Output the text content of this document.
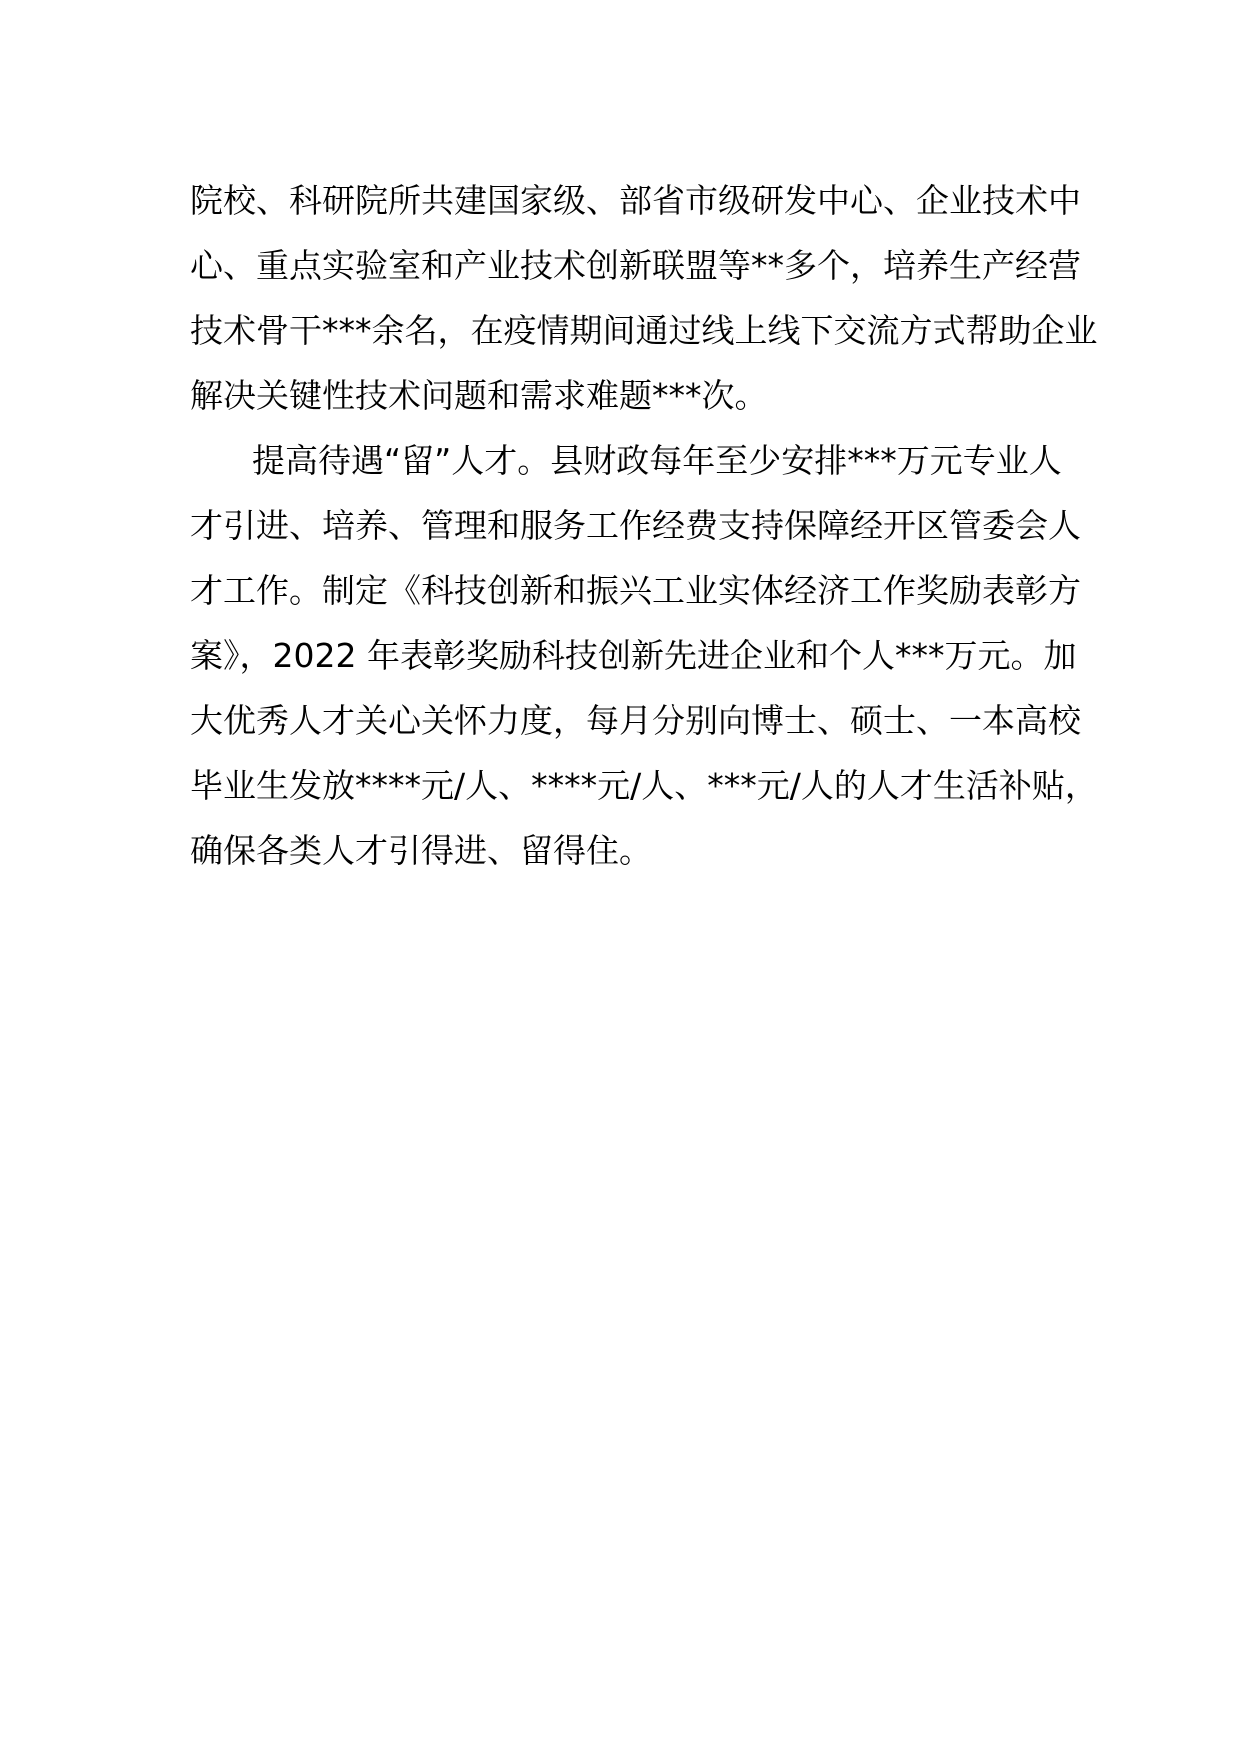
院校、科研院所共建国家级、部省市级研发中心、企业技术中
心、重点实验室和产业技术创新联盟等**多个，培养生产经营
技术骨干***余名，在疫情期间通过线上线下交流方式帮助企业
解决关键性技术问题和需求难题***次。
提高待遇“留”人才。县财政每年至少安排***万元专业人
才引进、培养、管理和服务工作经费支持保障经开区管委会人
才工作。制定《科技创新和振兴工业实体经济工作奖励表彰方
案》，2022 年表彰奖励科技创新先进企业和个人***万元。加
大优秀人才关心关怀力度，每月分别向博士、硕士、一本高校
毕业生发放****元/人、****元/人、***元/人的人才生活补贴，
确保各类人才引得进、留得住。
